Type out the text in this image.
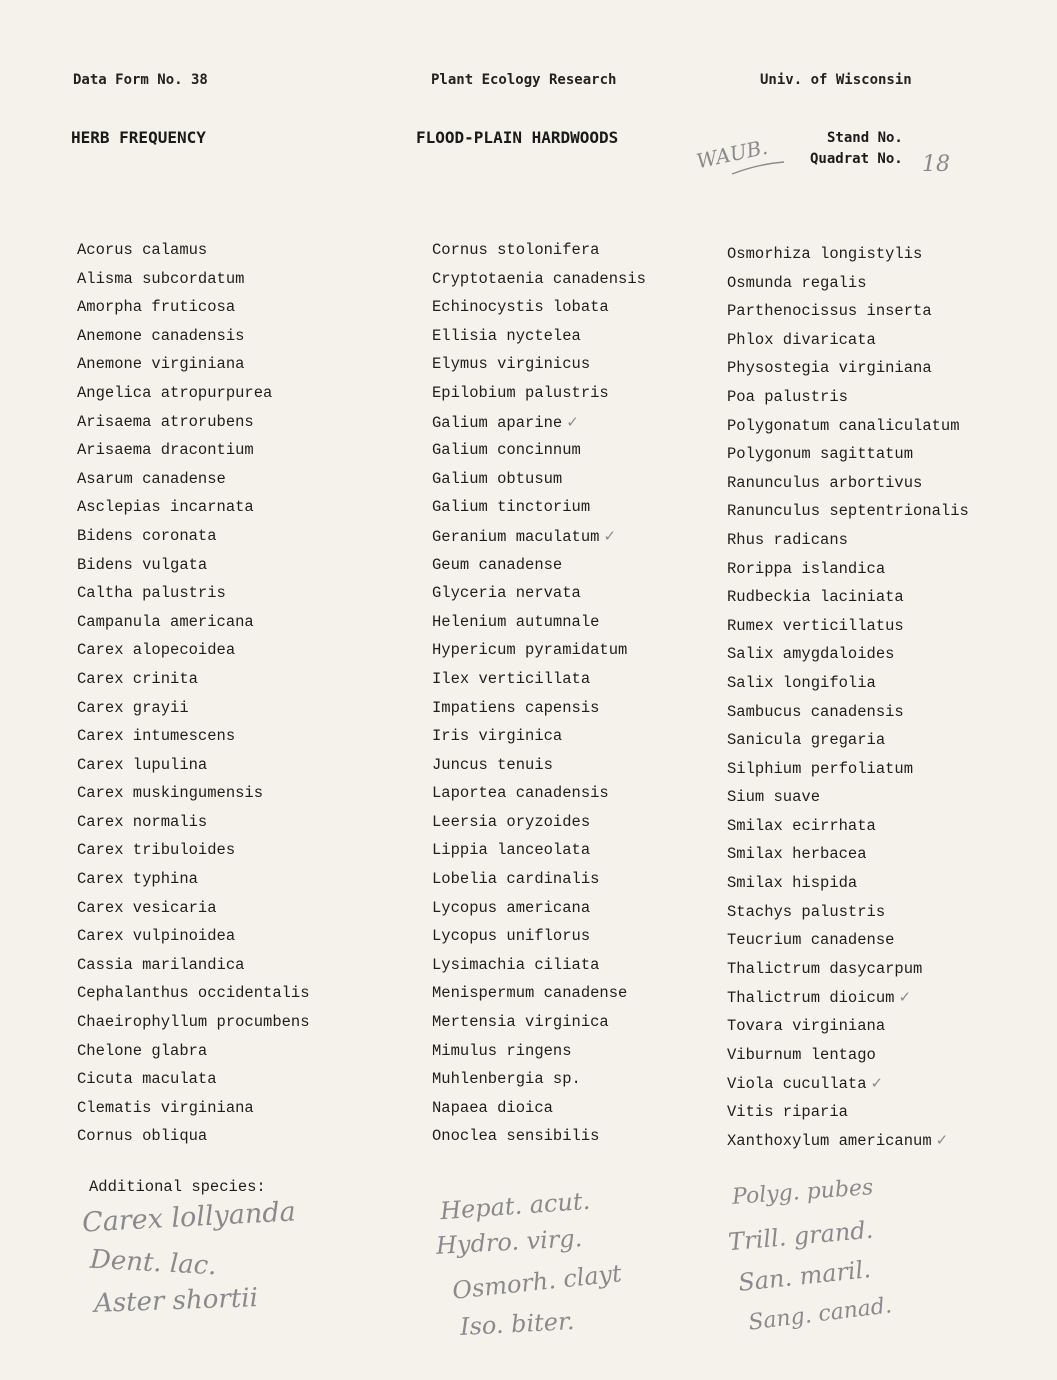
Data Form No. 38	Plant Ecology Research	Univ. of Wisconsin
HERB FREQUENCY	FLOOD-PLAIN HARDWOODS	Stand No.
Quadrat No.
WAUB.	18
Acorus calamus
Alisma subcordatum
Amorpha fruticosa
Anemone canadensis
Anemone virginiana
Angelica atropurpurea
Arisaema atrorubens
Arisaema dracontium
Asarum canadense
Asclepias incarnata
Bidens coronata
Bidens vulgata
Caltha palustris
Campanula americana
Carex alopecoidea
Carex crinita
Carex grayii
Carex intumescens
Carex lupulina
Carex muskingumensis
Carex normalis
Carex tribuloides
Carex typhina
Carex vesicaria
Carex vulpinoidea
Cassia marilandica
Cephalanthus occidentalis
Chaeirophyllum procumbens
Chelone glabra
Cicuta maculata
Clematis virginiana
Cornus obliqua
Cornus stolonifera
Cryptotaenia canadensis
Echinocystis lobata
Ellisia nyctelea
Elymus virginicus
Epilobium palustris
Galium aparine ✓
Galium concinnum
Galium obtusum
Galium tinctorium
Geranium maculatum ✓
Geum canadense
Glyceria nervata
Helenium autumnale
Hypericum pyramidatum
Ilex verticillata
Impatiens capensis
Iris virginica
Juncus tenuis
Laportea canadensis
Leersia oryzoides
Lippia lanceolata
Lobelia cardinalis
Lycopus americana
Lycopus uniflorus
Lysimachia ciliata
Menispermum canadense
Mertensia virginica
Mimulus ringens
Muhlenbergia sp.
Napaea dioica
Onoclea sensibilis
Osmorhiza longistylis
Osmunda regalis
Parthenocissus inserta
Phlox divaricata
Physostegia virginiana
Poa palustris
Polygonatum canaliculatum
Polygonum sagittatum
Ranunculus arbortivus
Ranunculus septentrionalis
Rhus radicans
Rorippa islandica
Rudbeckia laciniata
Rumex verticillatus
Salix amygdaloides
Salix longifolia
Sambucus canadensis
Sanicula gregaria
Silphium perfoliatum
Sium suave
Smilax ecirrhata
Smilax herbacea
Smilax hispida
Stachys palustris
Teucrium canadense
Thalictrum dasycarpum
Thalictrum dioicum ✓
Tovara virginiana
Viburnum lentago
Viola cucullata ✓
Vitis riparia
Xanthoxylum americanum ✓
Additional species:
Carex lollyanda
Dent. lac.
Aster shortii
Hepat. acut.
Hydro. virg.
Osmorh. clayt
Iso. biter.
Polyg. pubes
Trill. grand.
San. maril.
Sang. canad.
